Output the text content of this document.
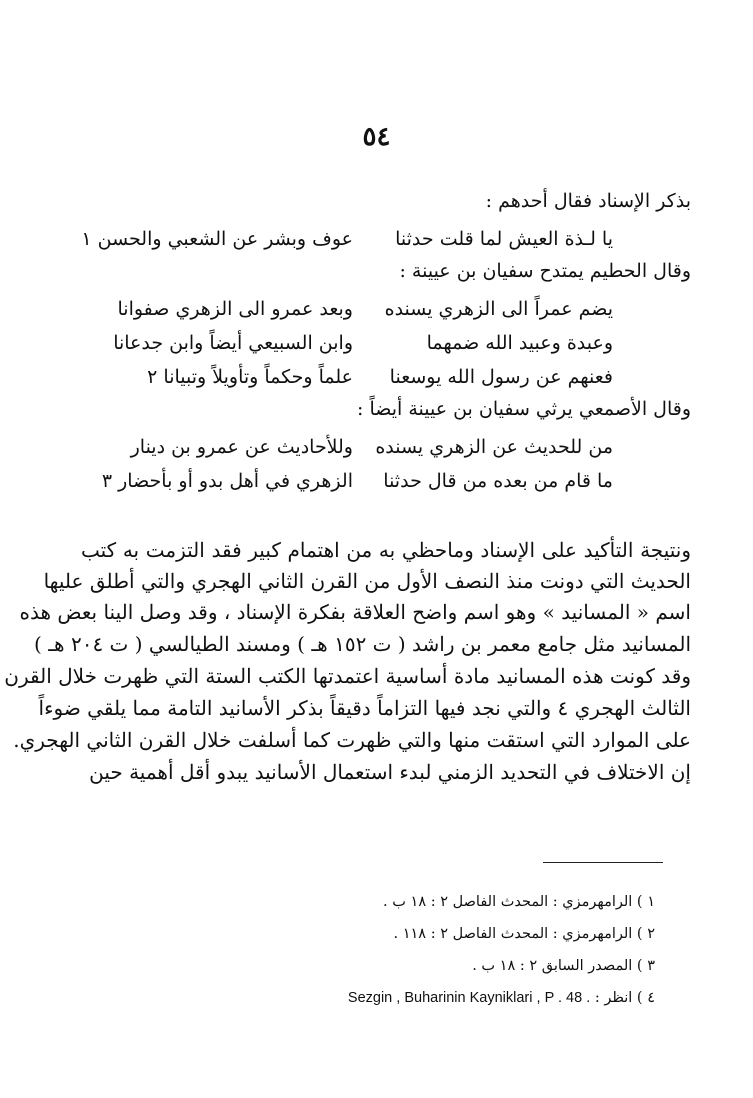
٥٤
بذكر الإسناد فقال أحدهم :
يا لـذة العيش لما قلت حدثنا
عوف وبشر عن الشعبي والحسن ١
وقال الحطيم يمتدح سفيان بن عيينة :
يضم عمراً الى الزهري يسنده
وبعد عمرو الى الزهري صفوانا
وعبدة وعبيد الله ضمهما
وابن السبيعي أيضاً وابن جدعانا
فعنهم عن رسول الله يوسعنا
علماً وحكماً وتأويلاً وتبيانا ٢
وقال الأصمعي يرثي سفيان بن عيينة أيضاً :
من للحديث عن الزهري يسنده
وللأحاديث عن عمرو بن دينار
ما قام من بعده من قال حدثنا
الزهري في أهل بدو أو بأحضار ٣
ونتيجة التأكيد على الإسناد وماحظي به من اهتمام كبير فقد التزمت به كتب
الحديث التي دونت منذ النصف الأول من القرن الثاني الهجري والتي أطلق عليها
اسم « المسانيد » وهو اسم واضح العلاقة بفكرة الإسناد ، وقد وصل الينا بعض هذه
المسانيد مثل جامع معمر بن راشد ( ت ١٥٢ هـ ) ومسند الطيالسي ( ت ٢٠٤ هـ )
وقد كونت هذه المسانيد مادة أساسية اعتمدتها الكتب الستة التي ظهرت خلال القرن
الثالث الهجري ٤ والتي نجد فيها التزاماً دقيقاً بذكر الأسانيد التامة مما يلقي ضوءاً
على الموارد التي استقت منها والتي ظهرت كما أسلفت خلال القرن الثاني الهجري.
إن الاختلاف في التحديد الزمني لبدء استعمال الأسانيد يبدو أقل أهمية حين
١ ) الرامهرمزي : المحدث الفاصل ٢ : ١٨ ب .
٢ ) الرامهرمزي : المحدث الفاصل ٢ : ١١٨ .
٣ ) المصدر السابق ٢ : ١٨ ب .
٤ ) انظر : Sezgin , Buharinin Kayniklari , P . 48 .
